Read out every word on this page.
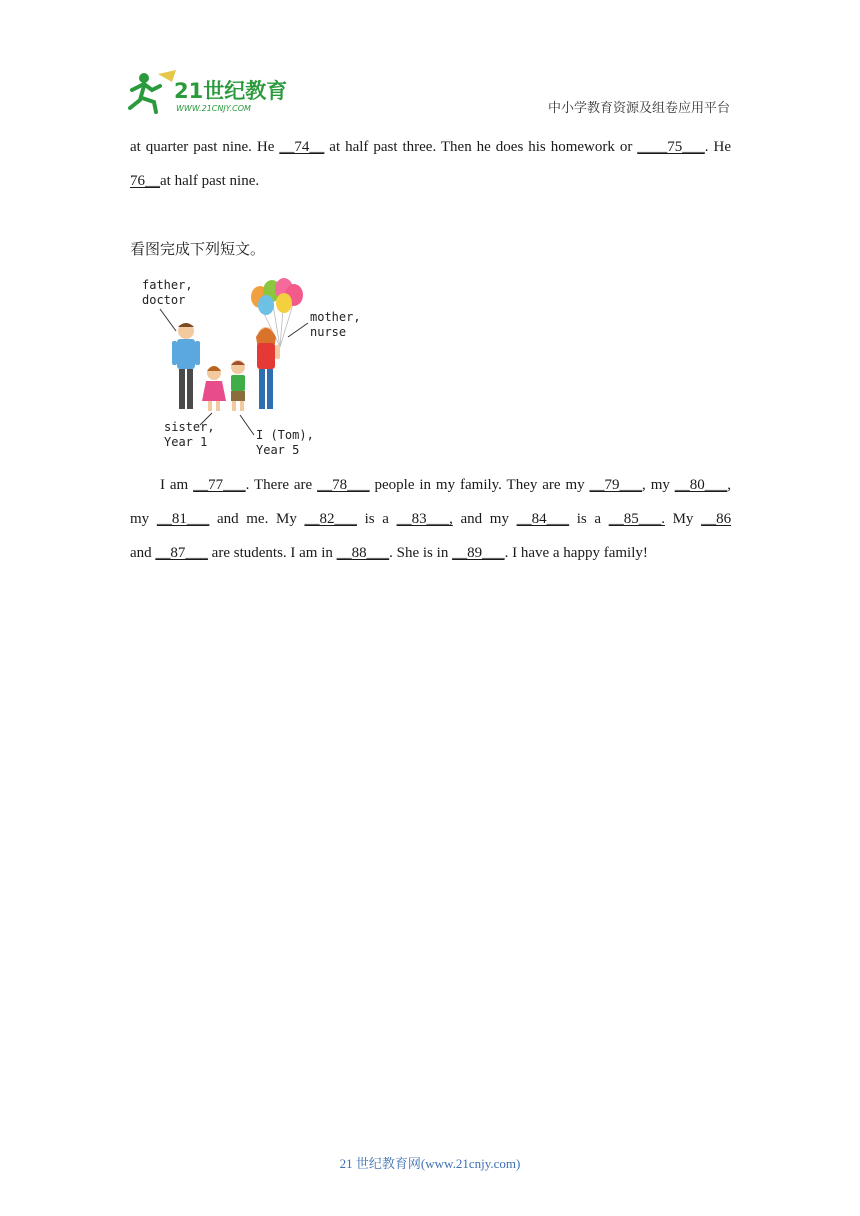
21世纪教育
WWW.21CNJY.COM	中小学教育资源及组卷应用平台
at quarter past nine. He __74__ at half past three. Then he does his homework or ____75___. He
76__at half past nine.
看图完成下列短文。
father,
doctor
mother,
nurse
sister,
Year 1	I (Tom),
Year 5
I am __77___. There are __78___ people in my family. They are my __79___, my __80___,
my __81___ and me. My __82___ is a __83___, and my __84___ is a __85___. My __86
and __87___ are students. I am in __88___. She is in __89___. I have a happy family!
21 世纪教育网(www.21cnjy.com)
